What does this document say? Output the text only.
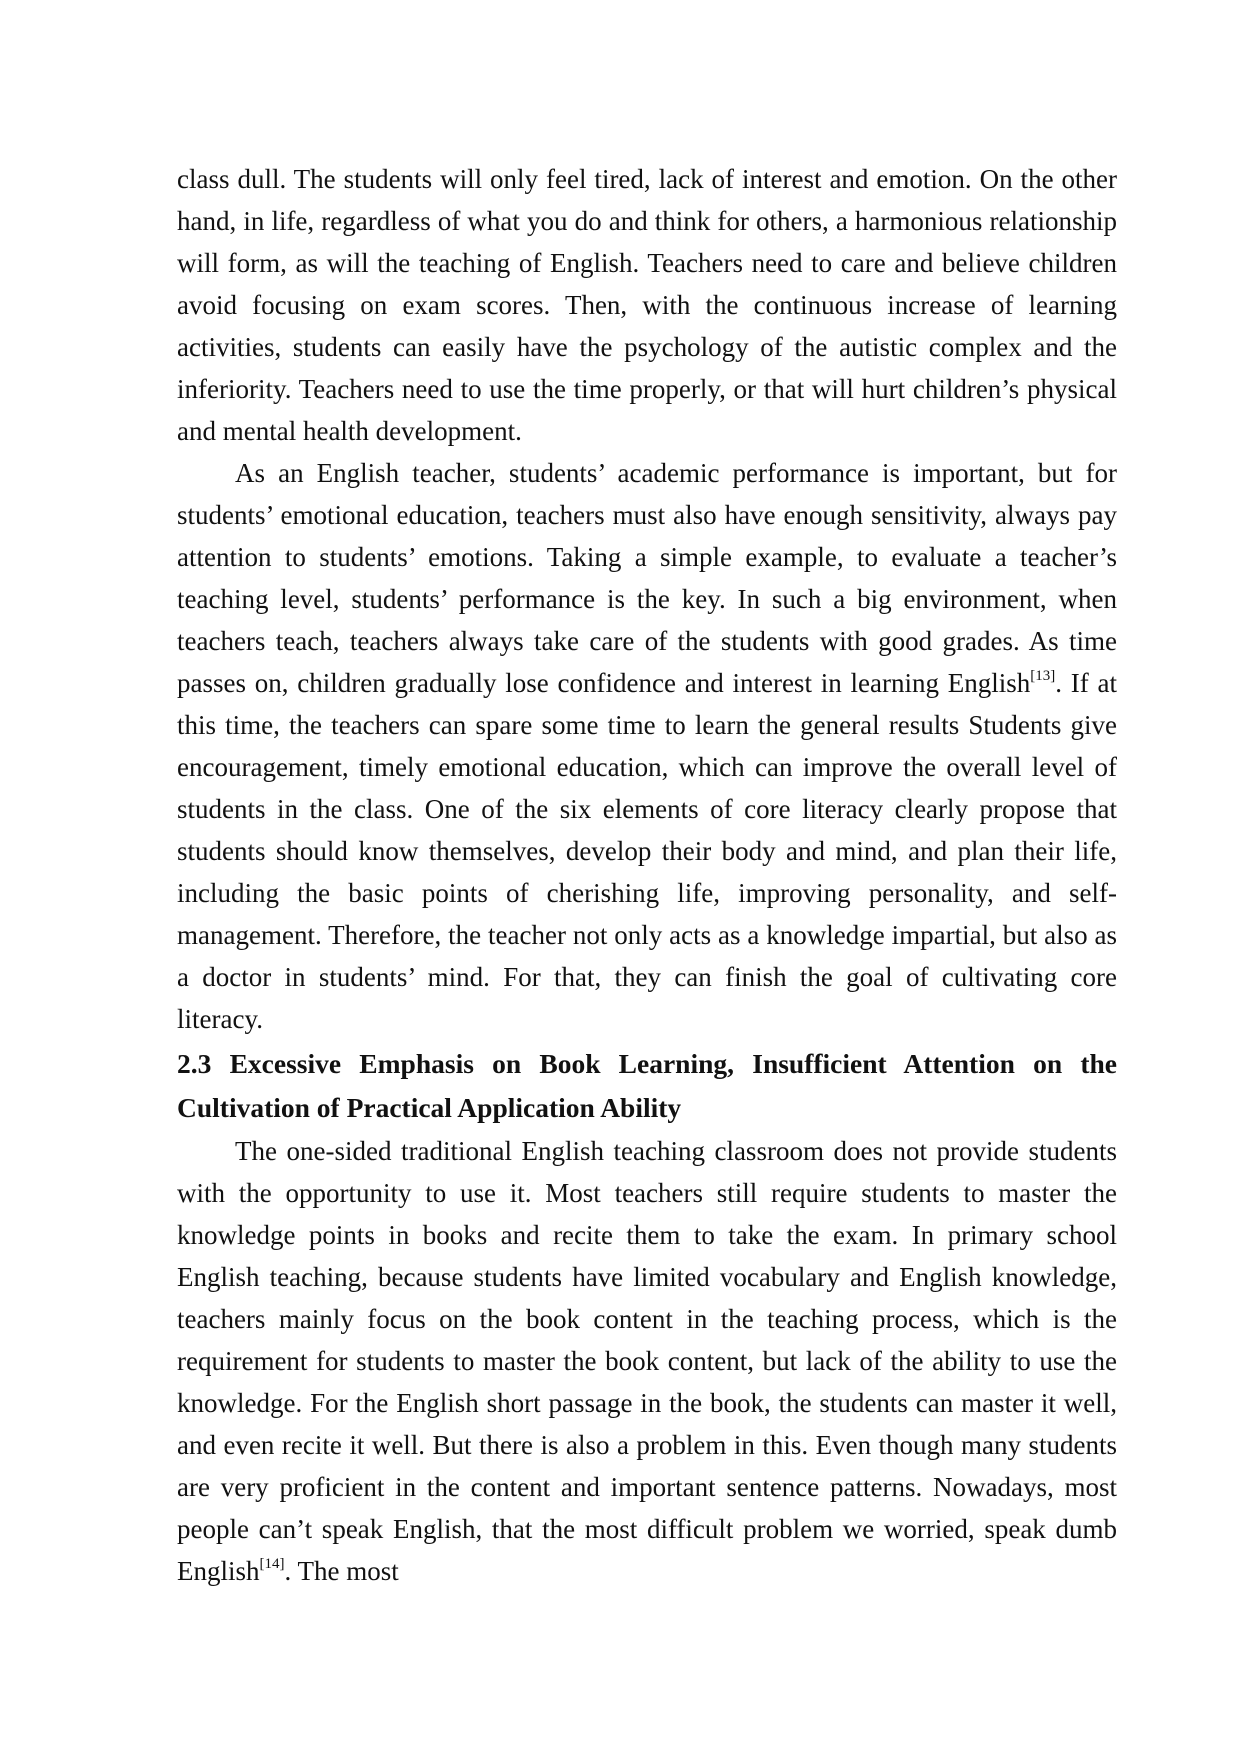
class dull. The students will only feel tired, lack of interest and emotion. On the other hand, in life, regardless of what you do and think for others, a harmonious relationship will form, as will the teaching of English. Teachers need to care and believe children avoid focusing on exam scores. Then, with the continuous increase of learning activities, students can easily have the psychology of the autistic complex and the inferiority. Teachers need to use the time properly, or that will hurt children’s physical and mental health development.

As an English teacher, students’ academic performance is important, but for students’ emotional education, teachers must also have enough sensitivity, always pay attention to students’ emotions. Taking a simple example, to evaluate a teacher’s teaching level, students’ performance is the key. In such a big environment, when teachers teach, teachers always take care of the students with good grades. As time passes on, children gradually lose confidence and interest in learning English[13]. If at this time, the teachers can spare some time to learn the general results Students give encouragement, timely emotional education, which can improve the overall level of students in the class. One of the six elements of core literacy clearly propose that students should know themselves, develop their body and mind, and plan their life, including the basic points of cherishing life, improving personality, and self-management. Therefore, the teacher not only acts as a knowledge impartial, but also as a doctor in students’ mind. For that, they can finish the goal of cultivating core literacy.

2.3 Excessive Emphasis on Book Learning, Insufficient Attention on the Cultivation of Practical Application Ability

The one-sided traditional English teaching classroom does not provide students with the opportunity to use it. Most teachers still require students to master the knowledge points in books and recite them to take the exam. In primary school English teaching, because students have limited vocabulary and English knowledge, teachers mainly focus on the book content in the teaching process, which is the requirement for students to master the book content, but lack of the ability to use the knowledge. For the English short passage in the book, the students can master it well, and even recite it well. But there is also a problem in this. Even though many students are very proficient in the content and important sentence patterns. Nowadays, most people can’t speak English, that the most difficult problem we worried, speak dumb English[14]. The most
